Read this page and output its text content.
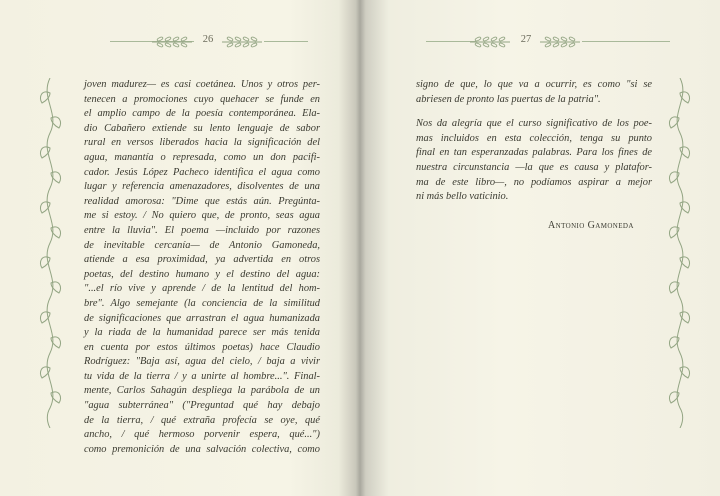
26

joven madurez— es casi coetánea. Unos y otros per-
tenecen a promociones cuyo quehacer se funde en
el amplio campo de la poesía contemporánea. Ela-
dio Cabañero extiende su lento lenguaje de sabor
rural en versos liberados hacia la significación del
agua, manantía o represada, como un don pacifi-
cador. Jesús López Pacheco identifica el agua como
lugar y referencia amenazadores, disolventes de una
realidad amorosa: "Dime que estás aún. Pregúnta-
me si estoy. / No quiero que, de pronto, seas agua
entre la lluvia". El poema —incluido por razones
de inevitable cercanía— de Antonio Gamoneda,
atiende a esa proximidad, ya advertida en otros
poetas, del destino humano y el destino del agua:
"...el río vive y aprende / de la lentitud del hom-
bre". Algo semejante (la conciencia de la similitud
de significaciones que arrastran el agua humanizada
y la riada de la humanidad parece ser más tenida
en cuenta por estos últimos poetas) hace Claudio
Rodríguez: "Baja así, agua del cielo, / baja a vivir
tu vida de la tierra / y a unirte al hombre...". Final-
mente, Carlos Sahagún despliega la parábola de un
"agua subterránea" ("Preguntad qué hay debajo
de la tierra, / qué extraña profecía se oye, qué
ancho, / qué hermoso porvenir espera, qué...")
como premonición de una salvación colectiva, como

27

signo de que, lo que va a ocurrir, es como "si se
abriesen de pronto las puertas de la patria".
Nos da alegría que el curso significativo de los poe-
mas incluidos en esta colección, tenga su punto
final en tan esperanzadas palabras. Para los fines de
nuestra circunstancia —la que es causa y platafor-
ma de este libro—, no podíamos aspirar a mejor
ni más bello vaticinio.

Antonio Gamoneda
